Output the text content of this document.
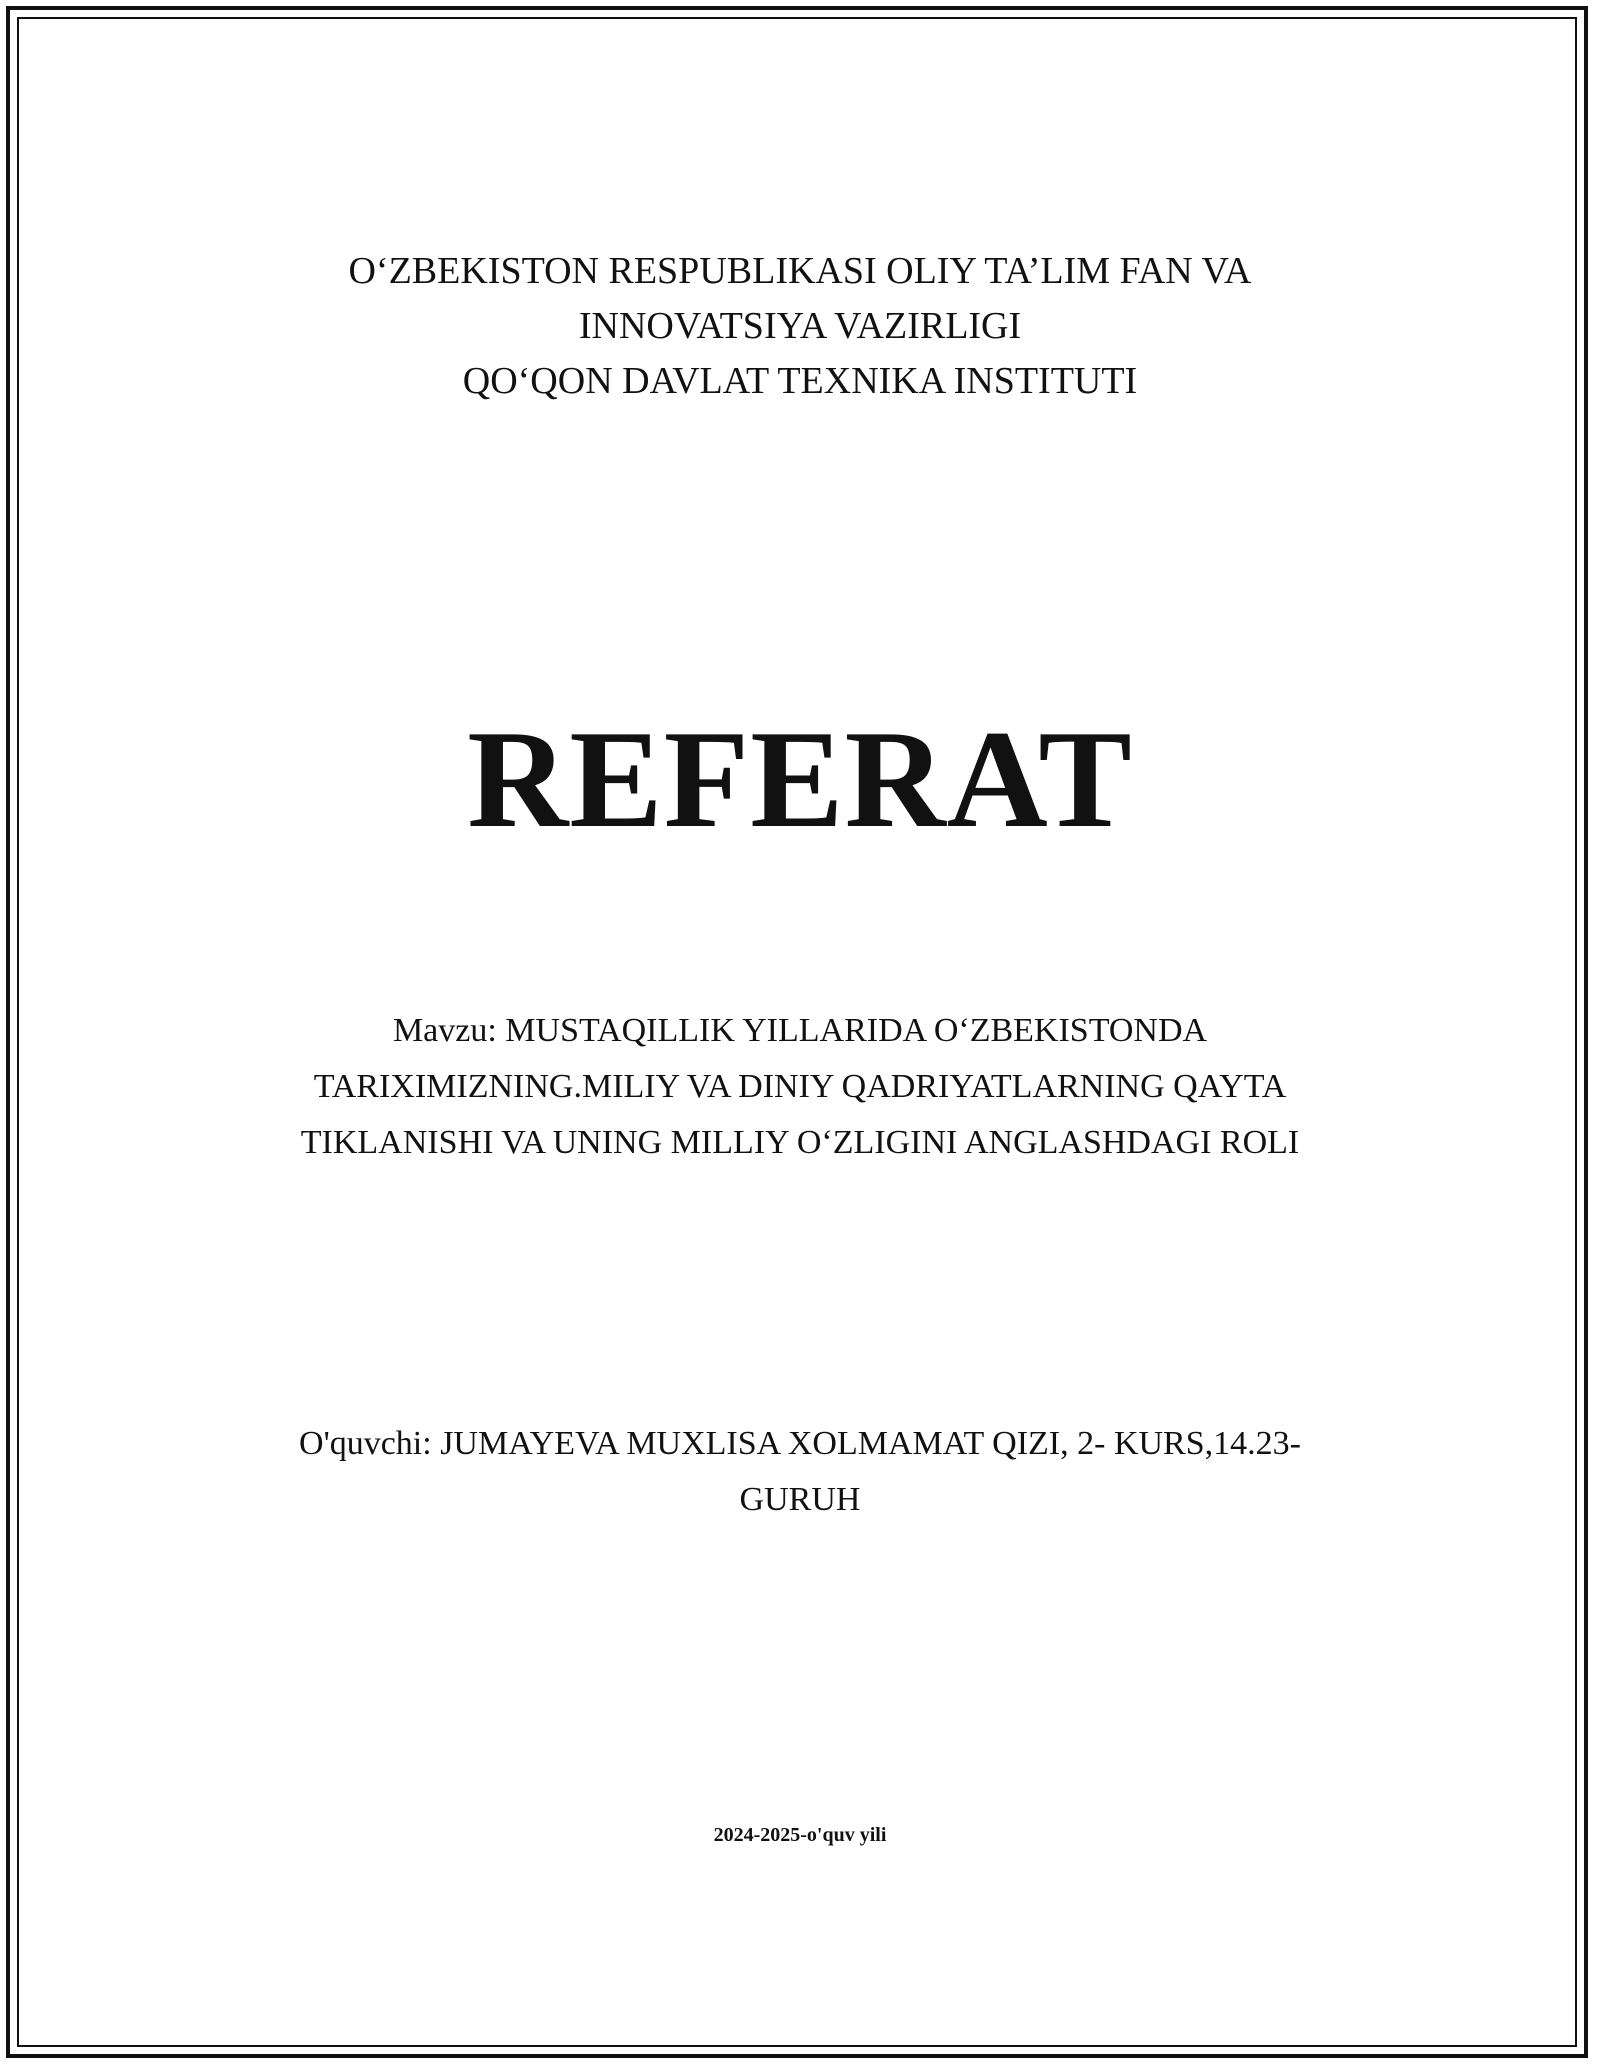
O‘ZBEKISTON RESPUBLIKASI OLIY TA’LIM FAN VA
INNOVATSIYA VAZIRLIGI
QO‘QON DAVLAT TEXNIKA INSTITUTI
REFERAT
Mavzu: MUSTAQILLIK YILLARIDA O‘ZBEKISTONDA
TARIXIMIZNING.MILIY VA DINIY QADRIYATLARNING QAYTA
TIKLANISHI VA UNING MILLIY O‘ZLIGINI ANGLASHDAGI ROLI
O'quvchi: JUMAYEVA MUXLISA XOLMAMAT QIZI, 2- KURS,14.23-
GURUH
2024-2025-o'quv yili
